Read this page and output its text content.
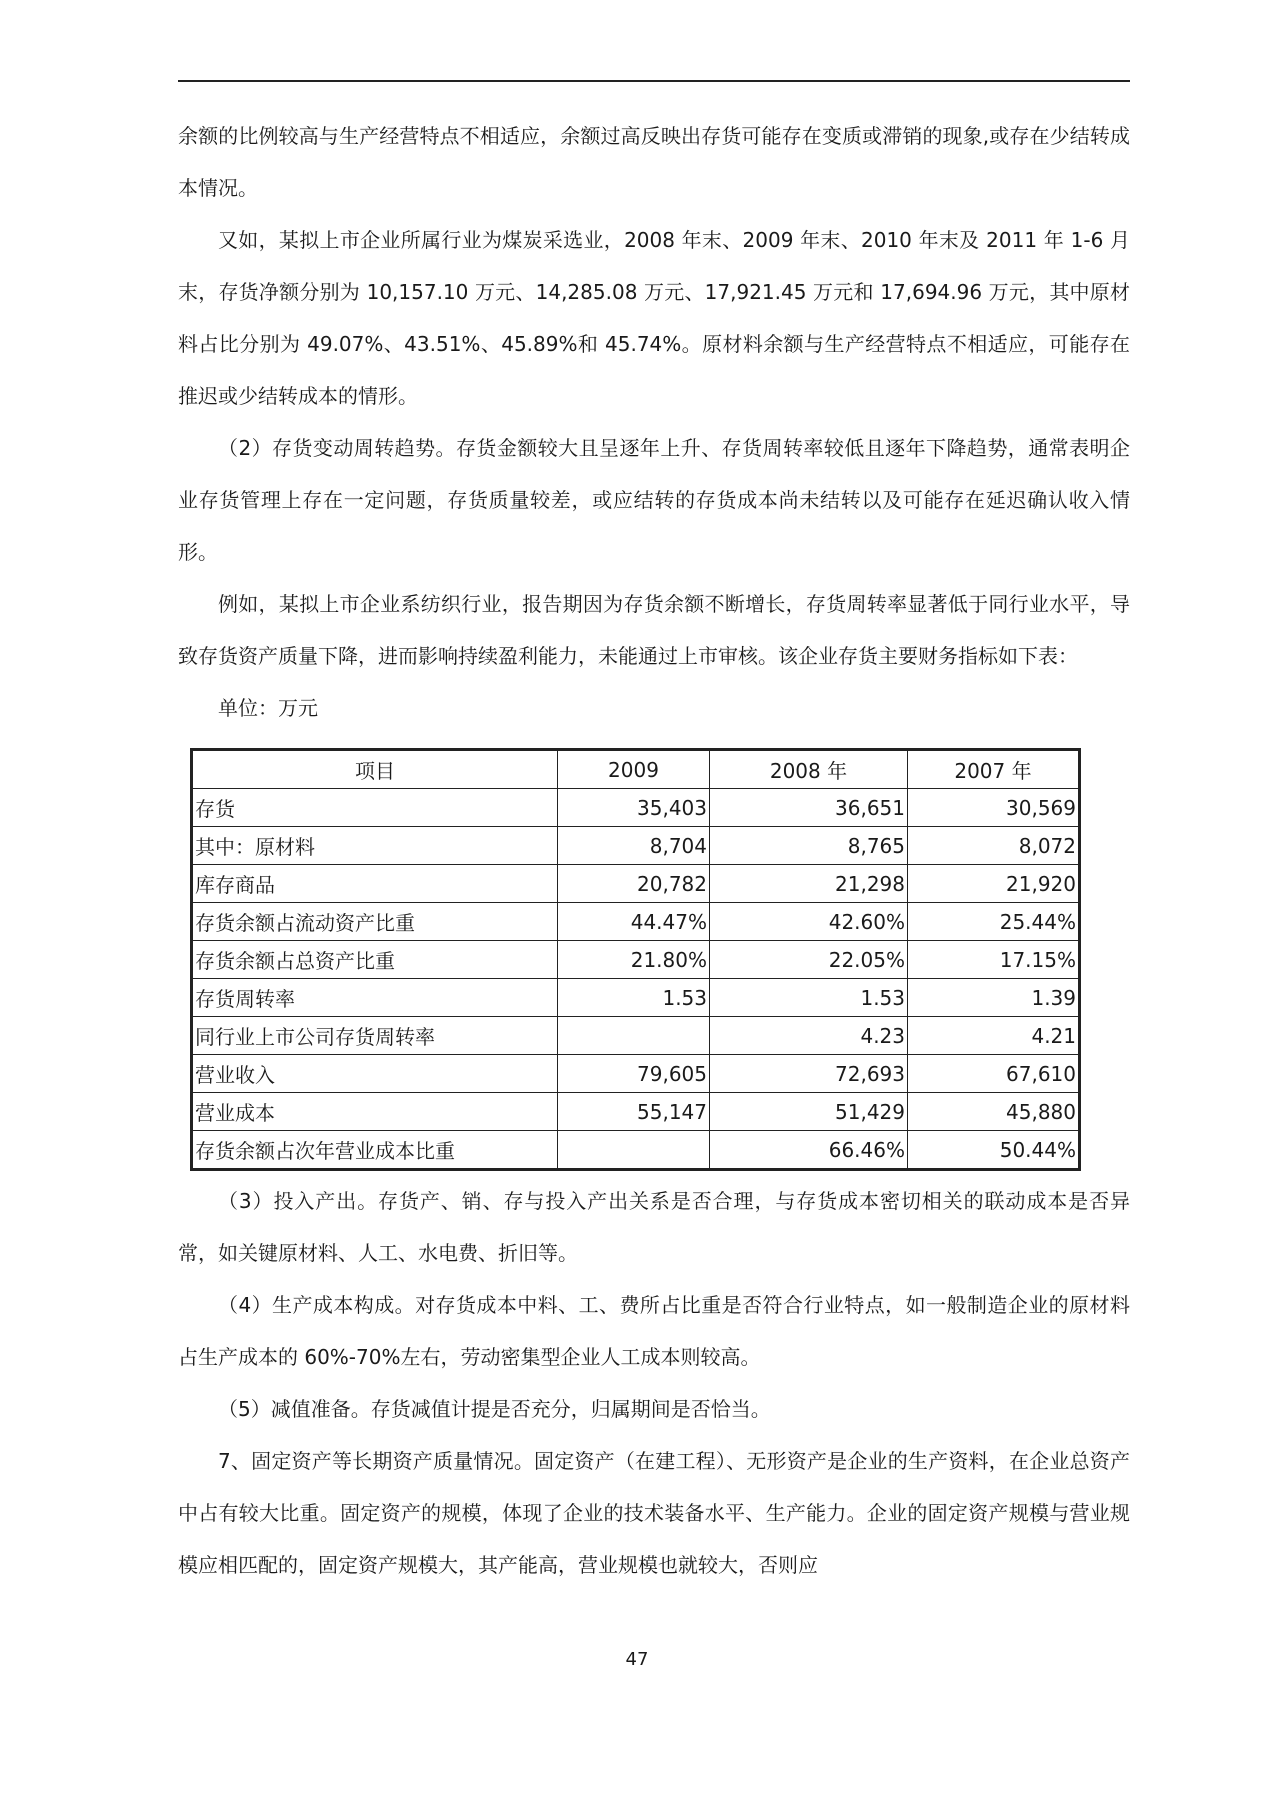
余额的比例较高与生产经营特点不相适应，余额过高反映出存货可能存在变质或滞销的现象,或存在少结转成本情况。

又如，某拟上市企业所属行业为煤炭采选业，2008 年末、2009 年末、2010 年末及 2011 年 1-6 月末，存货净额分别为 10,157.10 万元、14,285.08 万元、17,921.45 万元和 17,694.96 万元，其中原材料占比分别为 49.07%、43.51%、45.89%和 45.74%。原材料余额与生产经营特点不相适应，可能存在推迟或少结转成本的情形。

（2）存货变动周转趋势。存货金额较大且呈逐年上升、存货周转率较低且逐年下降趋势，通常表明企业存货管理上存在一定问题，存货质量较差，或应结转的存货成本尚未结转以及可能存在延迟确认收入情形。

例如，某拟上市企业系纺织行业，报告期因为存货余额不断增长，存货周转率显著低于同行业水平，导致存货资产质量下降，进而影响持续盈利能力，未能通过上市审核。该企业存货主要财务指标如下表：

单位：万元

项目	2009	2008 年	2007 年
存货	35,403	36,651	30,569
其中：原材料	8,704	8,765	8,072
库存商品	20,782	21,298	21,920
存货余额占流动资产比重	44.47%	42.60%	25.44%
存货余额占总资产比重	21.80%	22.05%	17.15%
存货周转率	1.53	1.53	1.39
同行业上市公司存货周转率		4.23	4.21
营业收入	79,605	72,693	67,610
营业成本	55,147	51,429	45,880
存货余额占次年营业成本比重		66.46%	50.44%

（3）投入产出。存货产、销、存与投入产出关系是否合理，与存货成本密切相关的联动成本是否异常，如关键原材料、人工、水电费、折旧等。

（4）生产成本构成。对存货成本中料、工、费所占比重是否符合行业特点，如一般制造企业的原材料占生产成本的 60%-70%左右，劳动密集型企业人工成本则较高。

（5）减值准备。存货减值计提是否充分，归属期间是否恰当。

7、固定资产等长期资产质量情况。固定资产（在建工程）、无形资产是企业的生产资料，在企业总资产中占有较大比重。固定资产的规模，体现了企业的技术装备水平、生产能力。企业的固定资产规模与营业规模应相匹配的，固定资产规模大，其产能高，营业规模也就较大，否则应

47
